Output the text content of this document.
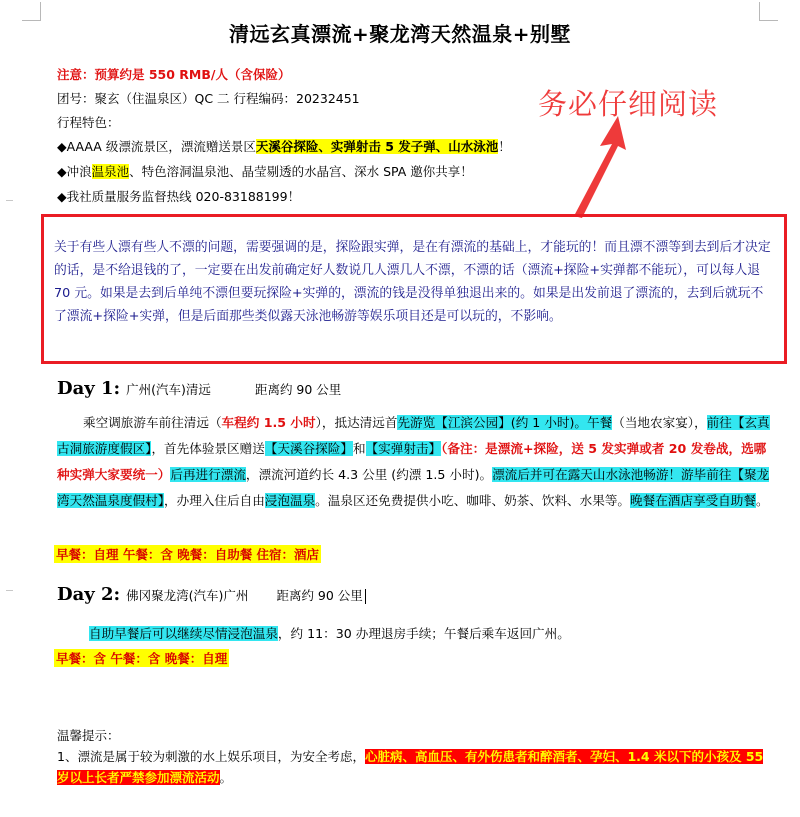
清远玄真漂流+聚龙湾天然温泉+别墅
注意：预算约是 550 RMB/人（含保险）
团号：聚玄（住温泉区）QC 二 行程编码：20232451
行程特色：
◆AAAA 级漂流景区，漂流赠送景区天溪谷探险、实弹射击 5 发子弹、山水泳池！
◆冲浪温泉池、特色溶洞温泉池、晶莹剔透的水晶宫、深水 SPA 邀你共享！
◆我社质量服务监督热线 020-83188199！
务必仔细阅读
关于有些人漂有些人不漂的问题，需要强调的是，探险跟实弹，是在有漂流的基础上，才能玩的！而且漂不漂等到去到后才决定的话，是不给退钱的了，一定要在出发前确定好人数说几人漂几人不漂，不漂的话（漂流+探险+实弹都不能玩），可以每人退 70 元。如果是去到后单纯不漂但要玩探险+实弹的，漂流的钱是没得单独退出来的。如果是出发前退了漂流的，去到后就玩不了漂流+探险+实弹，但是后面那些类似露天泳池畅游等娱乐项目还是可以玩的，不影响。
Day 1: 广州(汽车)清远	距离约 90 公里
乘空调旅游车前往清远（车程约 1.5 小时），抵达清远首先游览【江滨公园】(约 1 小时)。午餐（当地农家宴），前往【玄真古洞旅游度假区】，首先体验景区赠送【天溪谷探险】和【实弹射击】（备注：是漂流+探险，送 5 发实弹或者 20 发卷战，选哪种实弹大家要统一）后再进行漂流，漂流河道约长 4.3 公里 (约漂 1.5 小时)。漂流后并可在露天山水泳池畅游！游毕前往【聚龙湾天然温泉度假村】，办理入住后自由浸泡温泉。温泉区还免费提供小吃、咖啡、奶茶、饮料、水果等。晚餐在酒店享受自助餐。
早餐：自理 午餐：含 晚餐：自助餐 住宿：酒店
Day 2: 佛冈聚龙湾(汽车)广州 距离约 90 公里
自助早餐后可以继续尽情浸泡温泉，约 11：30 办理退房手续；午餐后乘车返回广州。
早餐：含 午餐：含 晚餐：自理
温馨提示：
1、漂流是属于较为刺激的水上娱乐项目，为安全考虑，心脏病、高血压、有外伤患者和醉酒者、孕妇、1.4 米以下的小孩及 55 岁以上长者严禁参加漂流活动。
